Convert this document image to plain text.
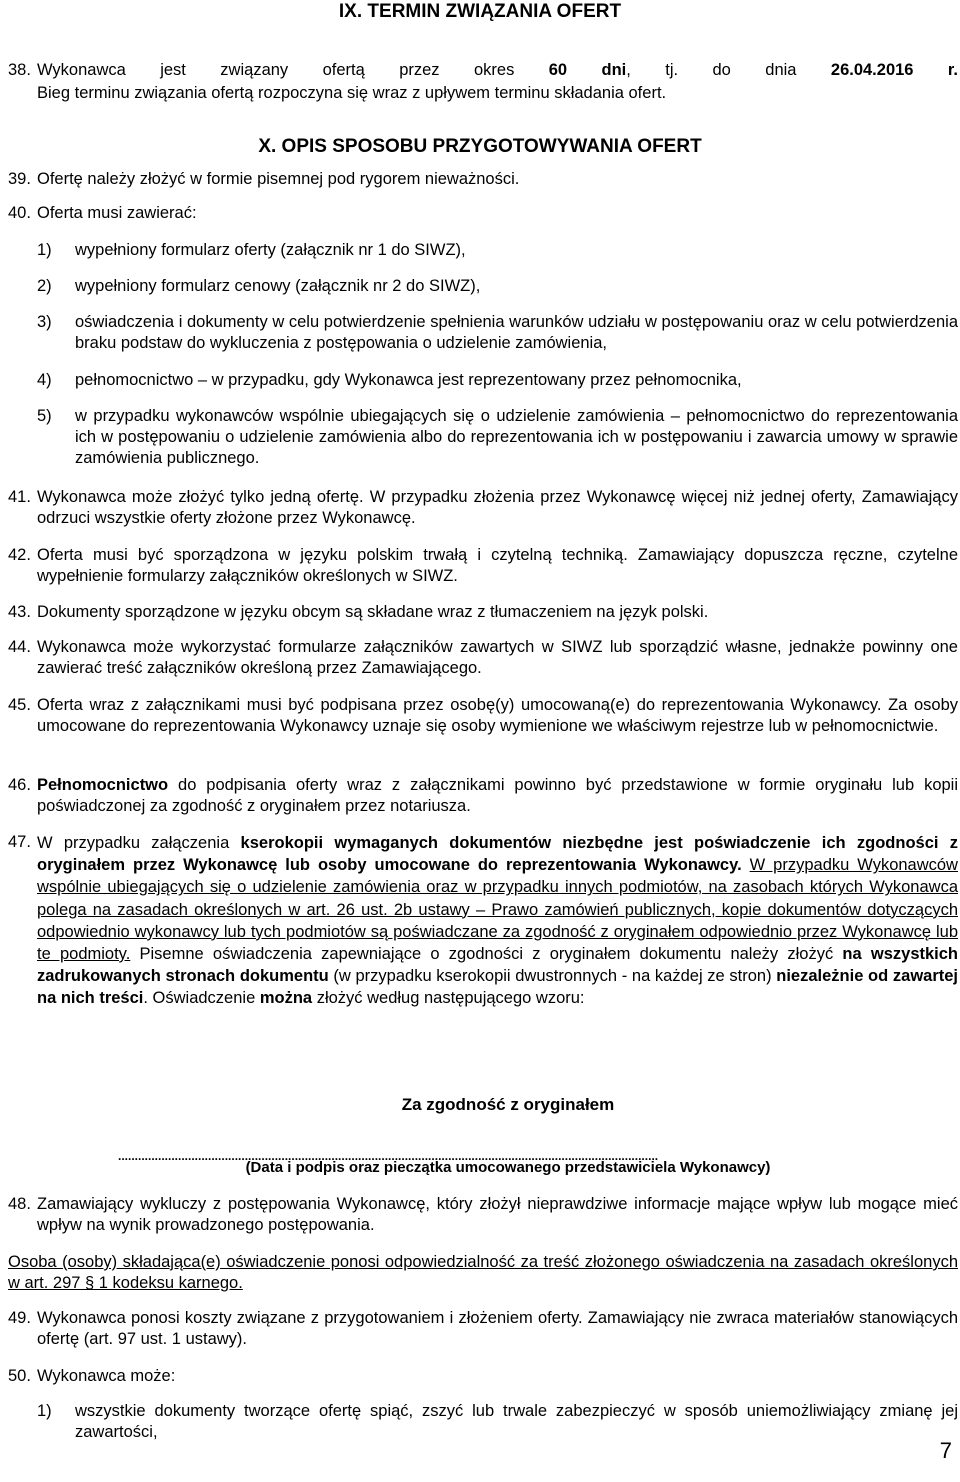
IX. TERMIN ZWIĄZANIA OFERT
38. Wykonawca jest związany ofertą przez okres 60 dni, tj. do dnia 26.04.2016 r.
Bieg terminu związania ofertą rozpoczyna się wraz z upływem terminu składania ofert.
X. OPIS SPOSOBU PRZYGOTOWYWANIA OFERT
39. Ofertę należy złożyć w formie pisemnej pod rygorem nieważności.
40. Oferta musi zawierać:
1) wypełniony formularz oferty (załącznik nr 1 do SIWZ),
2) wypełniony formularz cenowy (załącznik nr 2 do SIWZ),
3) oświadczenia i dokumenty w celu potwierdzenie spełnienia warunków udziału w postępowaniu oraz w celu potwierdzenia braku podstaw do wykluczenia z postępowania o udzielenie zamówienia,
4) pełnomocnictwo – w przypadku, gdy Wykonawca jest reprezentowany przez pełnomocnika,
5) w przypadku wykonawców wspólnie ubiegających się o udzielenie zamówienia – pełnomocnictwo do reprezentowania ich w postępowaniu o udzielenie zamówienia albo do reprezentowania ich w postępowaniu i zawarcia umowy w sprawie zamówienia publicznego.
41. Wykonawca może złożyć tylko jedną ofertę. W przypadku złożenia przez Wykonawcę więcej niż jednej oferty, Zamawiający odrzuci wszystkie oferty złożone przez Wykonawcę.
42. Oferta musi być sporządzona w języku polskim trwałą i czytelną techniką. Zamawiający dopuszcza ręczne, czytelne wypełnienie formularzy załączników określonych w SIWZ.
43. Dokumenty sporządzone w języku obcym są składane wraz z tłumaczeniem na język polski.
44. Wykonawca może wykorzystać formularze załączników zawartych w SIWZ lub sporządzić własne, jednakże powinny one zawierać treść załączników określoną przez Zamawiającego.
45. Oferta wraz z załącznikami musi być podpisana przez osobę(y) umocowaną(e) do reprezentowania Wykonawcy. Za osoby umocowane do reprezentowania Wykonawcy uznaje się osoby wymienione we właściwym rejestrze lub w pełnomocnictwie.
46. Pełnomocnictwo do podpisania oferty wraz z załącznikami powinno być przedstawione w formie oryginału lub kopii poświadczonej za zgodność z oryginałem przez notariusza.
47. W przypadku załączenia kserokopii wymaganych dokumentów niezbędne jest poświadczenie ich zgodności z oryginałem przez Wykonawcę lub osoby umocowane do reprezentowania Wykonawcy. W przypadku Wykonawców wspólnie ubiegających się o udzielenie zamówienia oraz w przypadku innych podmiotów, na zasobach których Wykonawca polega na zasadach określonych w art. 26 ust. 2b ustawy – Prawo zamówień publicznych, kopie dokumentów dotyczących odpowiednio wykonawcy lub tych podmiotów są poświadczane za zgodność z oryginałem odpowiednio przez Wykonawcę lub te podmioty. Pisemne oświadczenia zapewniające o zgodności z oryginałem dokumentu należy złożyć na wszystkich zadrukowanych stronach dokumentu (w przypadku kserokopii dwustronnych - na każdej ze stron) niezależnie od zawartej na nich treści. Oświadczenie można złożyć według następującego wzoru:
Za zgodność z oryginałem
..................................................................................................................................................................
(Data i podpis oraz pieczątka umocowanego przedstawiciela Wykonawcy)
48. Zamawiający wykluczy z postępowania Wykonawcę, który złożył nieprawdziwe informacje mające wpływ lub mogące mieć wpływ na wynik prowadzonego postępowania.
Osoba (osoby) składająca(e) oświadczenie ponosi odpowiedzialność za treść złożonego oświadczenia na zasadach określonych w art. 297 § 1 kodeksu karnego.
49. Wykonawca ponosi koszty związane z przygotowaniem i złożeniem oferty. Zamawiający nie zwraca materiałów stanowiących ofertę (art. 97 ust. 1 ustawy).
50. Wykonawca może:
1) wszystkie dokumenty tworzące ofertę spiąć, zszyć lub trwale zabezpieczyć w sposób uniemożliwiający zmianę jej zawartości,
7
